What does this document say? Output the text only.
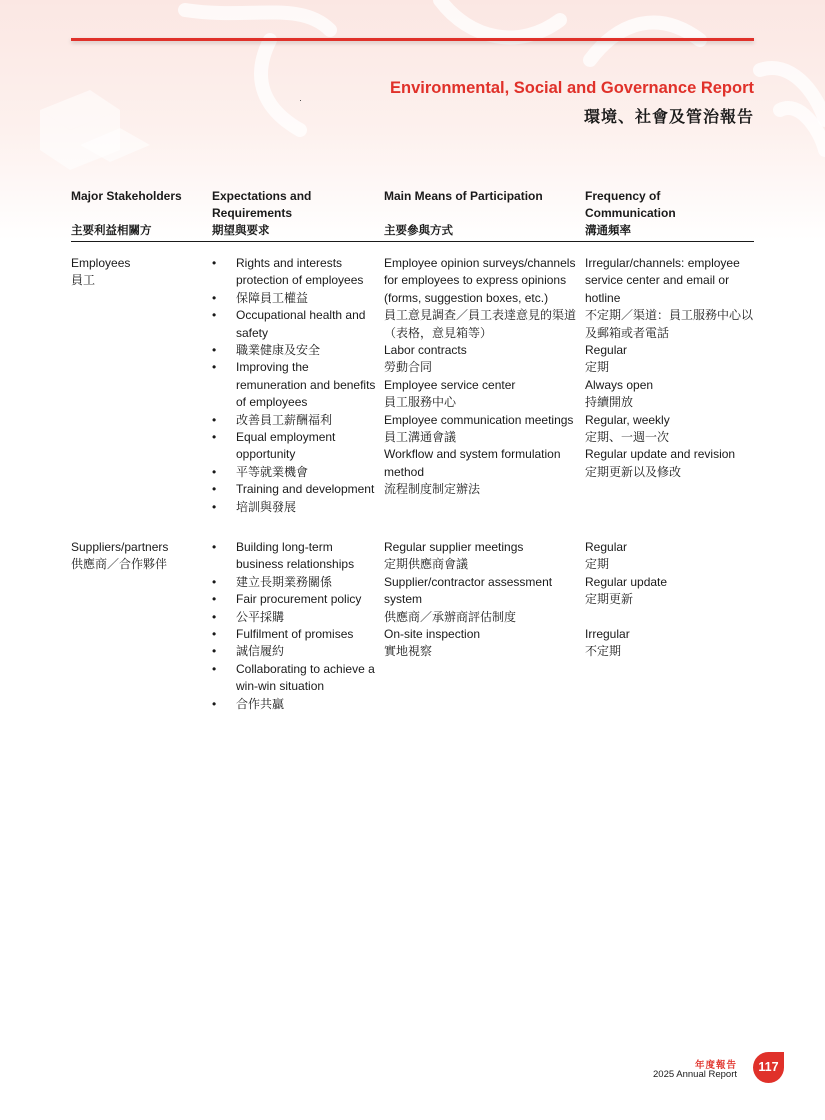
Environmental, Social and Governance Report
環境、社會及管治報告
Major Stakeholders
主要利益相關方
Expectations and Requirements
期望與要求
Main Means of Participation
主要參與方式
Frequency of Communication
溝通頻率

Employees

員工

• Rights and interests protection of employees
• 保障員工權益
• Occupational health and safety
• 職業健康及安全
• Improving the remuneration and benefits of employees
• 改善員工薪酬福利
• Equal employment opportunity
• 平等就業機會
• Training and development
• 培訓與發展

Employee opinion surveys/channels for employees to express opinions (forms, suggestion boxes, etc.)

員工意見調查／員工表達意見的渠道（表格，意見箱等）

Labor contracts

勞動合同

Employee service center

員工服務中心

Employee communication meetings

員工溝通會議

Workflow and system formulation method

流程制度制定辦法

Irregular/channels: employee service center and email or hotline

不定期／渠道：員工服務中心以及郵箱或者電話

Regular

定期

Always open

持續開放

Regular, weekly

定期、一週一次

Regular update and revision

定期更新以及修改

Suppliers/partners

供應商／合作夥伴

• Building long-term business relationships
• 建立長期業務關係
• Fair procurement policy
• 公平採購
• Fulfilment of promises
• 誠信履約
• Collaborating to achieve a win-win situation
• 合作共贏

Regular supplier meetings

定期供應商會議

Supplier/contractor assessment system

供應商／承辦商評估制度

On-site inspection

實地視察

Regular

定期

Regular update

定期更新

Irregular

不定期

年度報告
2025 Annual Report
117
